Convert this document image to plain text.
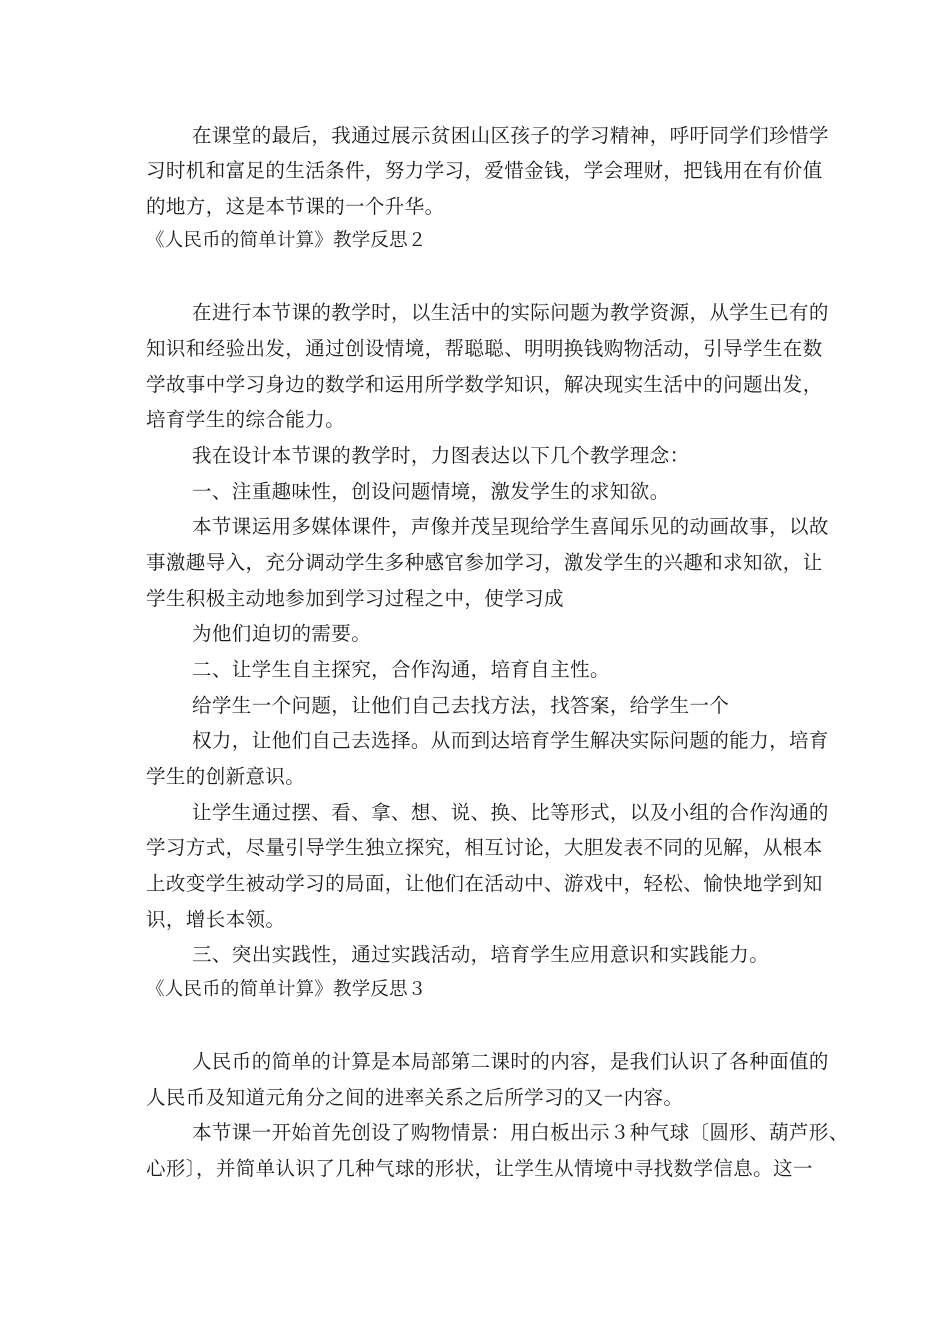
在课堂的最后，我通过展示贫困山区孩子的学习精神，呼吁同学们珍惜学
习时机和富足的生活条件，努力学习，爱惜金钱，学会理财，把钱用在有价值
的地方，这是本节课的一个升华。
《人民币的简单计算》教学反思２
在进行本节课的教学时，以生活中的实际问题为教学资源，从学生已有的
知识和经验出发，通过创设情境，帮聪聪、明明换钱购物活动，引导学生在数
学故事中学习身边的数学和运用所学数学知识，解决现实生活中的问题出发，
培育学生的综合能力。
我在设计本节课的教学时，力图表达以下几个教学理念：
一、注重趣味性，创设问题情境，激发学生的求知欲。
本节课运用多媒体课件，声像并茂呈现给学生喜闻乐见的动画故事，以故
事激趣导入，充分调动学生多种感官参加学习，激发学生的兴趣和求知欲，让
学生积极主动地参加到学习过程之中，使学习成
为他们迫切的需要。
二、让学生自主探究，合作沟通，培育自主性。
给学生一个问题，让他们自己去找方法，找答案，给学生一个
权力，让他们自己去选择。从而到达培育学生解决实际问题的能力，培育
学生的创新意识。
让学生通过摆、看、拿、想、说、换、比等形式，以及小组的合作沟通的
学习方式，尽量引导学生独立探究，相互讨论，大胆发表不同的见解，从根本
上改变学生被动学习的局面，让他们在活动中、游戏中，轻松、愉快地学到知
识，增长本领。
三、突出实践性，通过实践活动，培育学生应用意识和实践能力。
《人民币的简单计算》教学反思３
人民币的简单的计算是本局部第二课时的内容，是我们认识了各种面值的
人民币及知道元角分之间的进率关系之后所学习的又一内容。
本节课一开始首先创设了购物情景：用白板出示３种气球〔圆形、葫芦形、
心形〕，并简单认识了几种气球的形状，让学生从情境中寻找数学信息。这一
